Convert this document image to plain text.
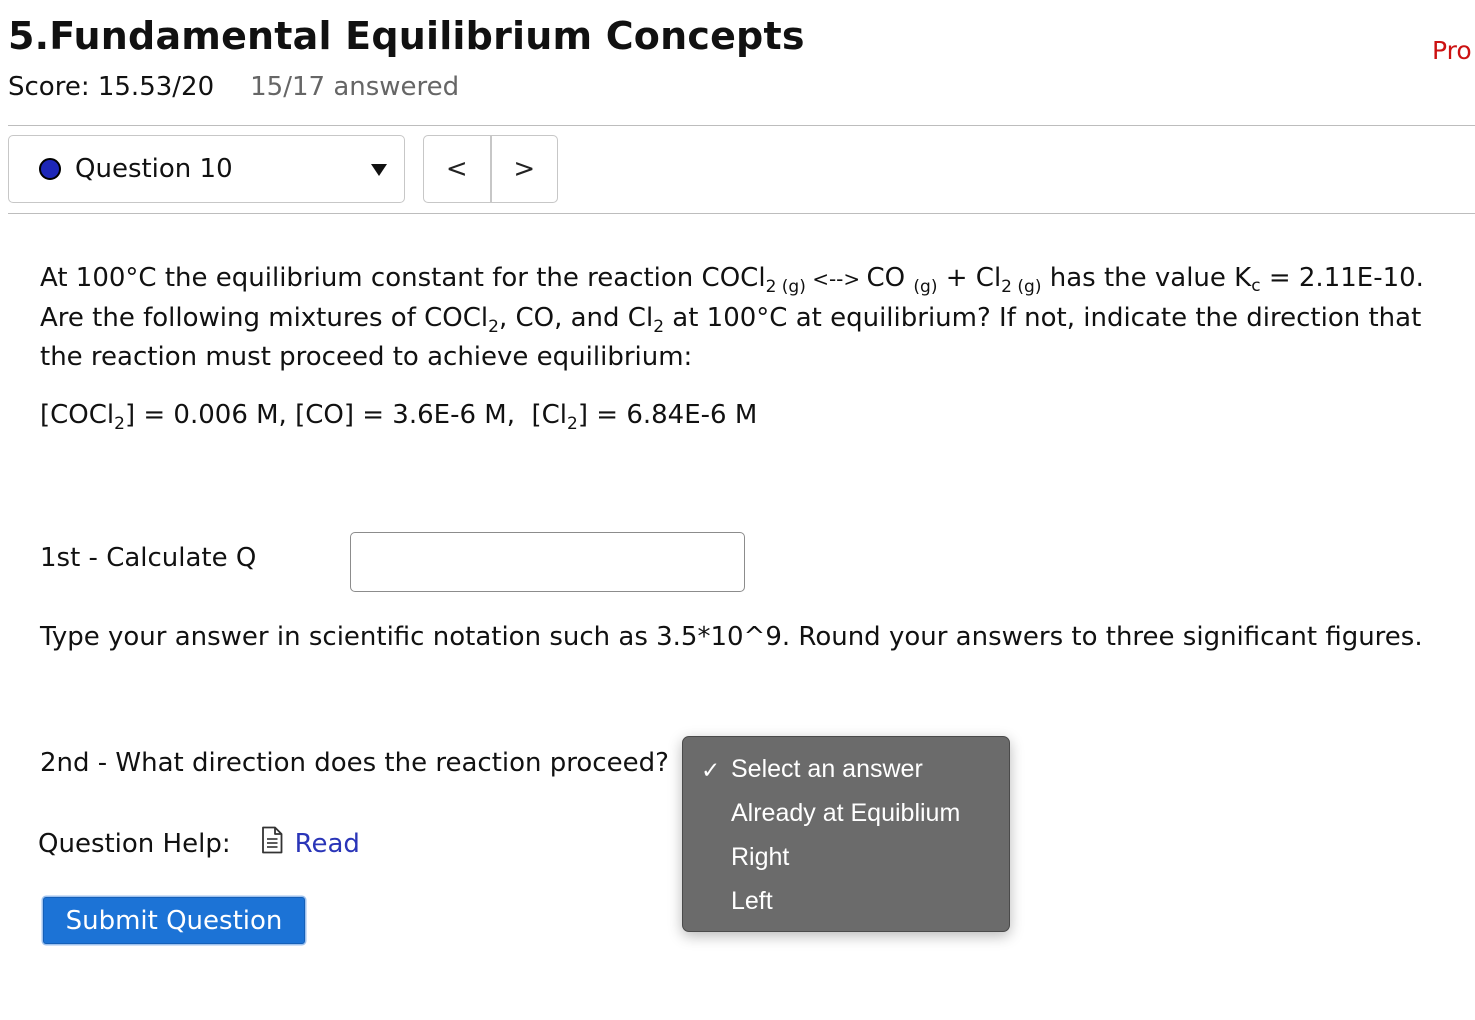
5.Fundamental Equilibrium Concepts
Score: 15.53/20 15/17 answered
Pro
Question 10	<	>
At 100°C the equilibrium constant for the reaction COCl$_{2 (g)}$ <--> CO $_{(g)} + Cl_{2 (g)}$ has the value $K_c = 2.11E-10$. Are the following mixtures of COCl$_2$, CO, and $Cl_2$ at 100°C at equilibrium? If not, indicate the direction that the reaction must proceed to achieve equilibrium:
[COCl$_2$] = 0.006 M, [CO] = 3.6E-6 M,  $[Cl_2] = 6.84E-6$ M
1st - Calculate Q
Type your answer in scientific notation such as 3.5*10^9. Round your answers to three significant figures.
2nd - What direction does the reaction proceed? ✓ Select an answer
Already at Equiblium
Right
Left
Question Help: Read
Submit Question
